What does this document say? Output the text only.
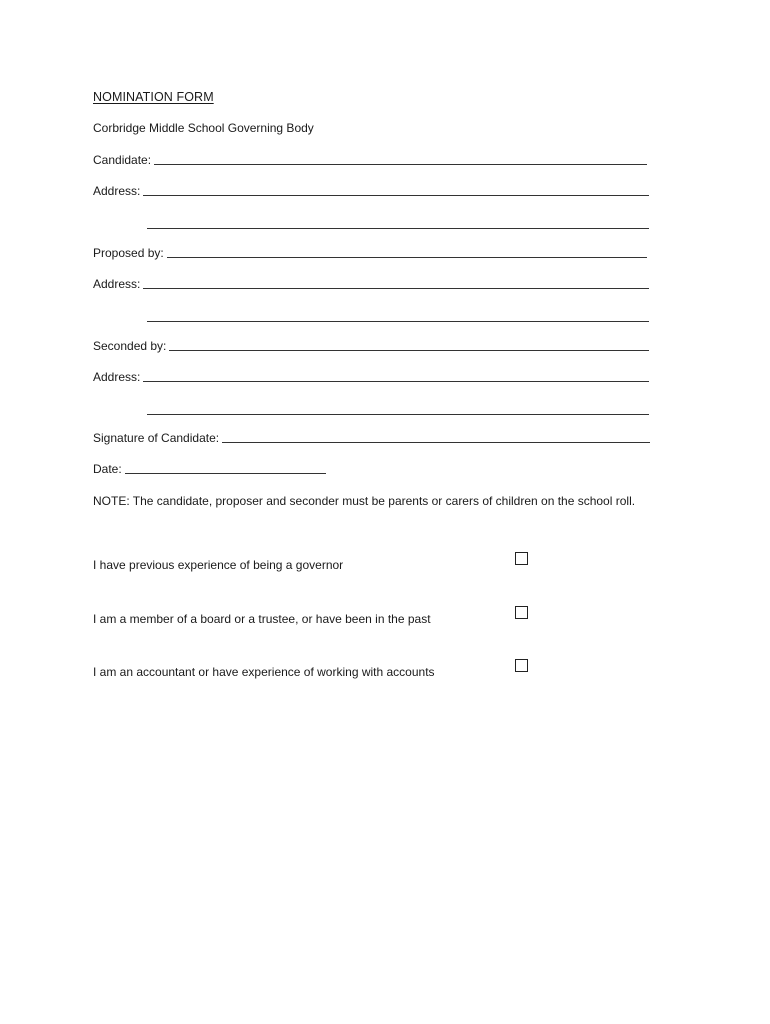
NOMINATION FORM
Corbridge Middle School Governing Body
Candidate:
Address:
Proposed by:
Address:
Seconded by:
Address:
Signature of Candidate:
Date:
NOTE: The candidate, proposer and seconder must be parents or carers of children on the school roll.
I have previous experience of being a governor
I am a member of a board or a trustee, or have been in the past
I am an accountant or have experience of working with accounts
